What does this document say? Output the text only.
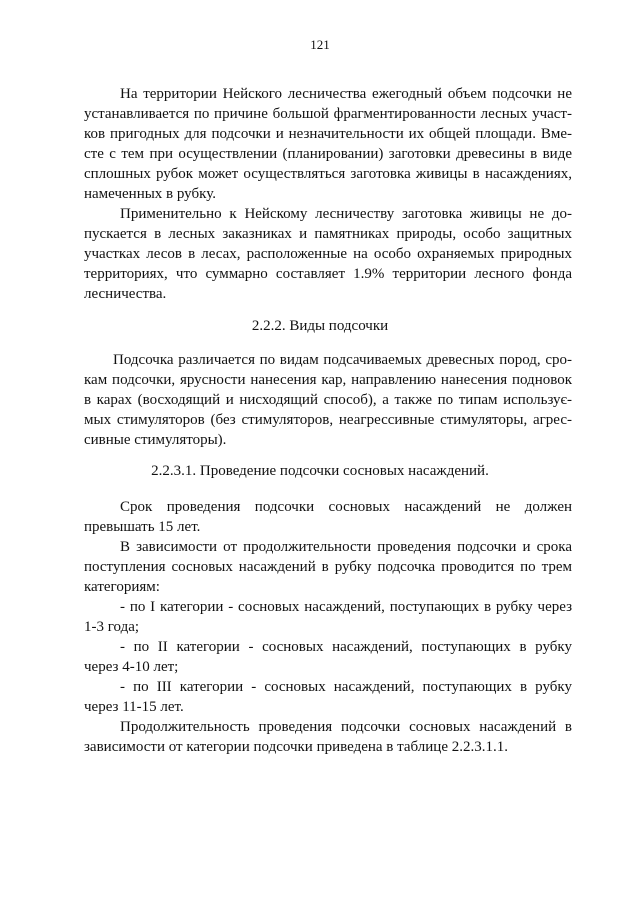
121
На территории Нейского лесничества ежегодный объем подсочки не
устанавливается по причине большой фрагментированности лесных участ-
ков пригодных для подсочки и незначительности их общей площади. Вме-
сте с тем при осуществлении (планировании) заготовки древесины в виде
сплошных рубок может осуществляться заготовка живицы в насаждениях,
намеченных в рубку.
Применительно к Нейскому лесничеству заготовка живицы не до-
пускается в лесных заказниках и памятниках природы, особо защитных
участках лесов в лесах, расположенные на особо охраняемых природных
территориях, что суммарно составляет 1.9% территории лесного фонда
лесничества.
2.2.2. Виды подсочки
Подсочка различается по видам подсачиваемых древесных пород, сро-
кам подсочки, ярусности нанесения кар, направлению нанесения подновок
в карах (восходящий и нисходящий способ), а также по типам использує-
мых стимуляторов (без стимуляторов, неагрессивные стимуляторы, агрес-
сивные стимуляторы).
2.2.3.1. Проведение подсочки сосновых насаждений.
Срок проведения подсочки сосновых насаждений не должен
превышать 15 лет.
В зависимости от продолжительности проведения подсочки и срока
поступления сосновых насаждений в рубку подсочка проводится по трем
категориям:
- по I категории - сосновых насаждений, поступающих в рубку через
1-3 года;
- по II категории - сосновых насаждений, поступающих в рубку
через 4-10 лет;
- по III категории - сосновых насаждений, поступающих в рубку
через 11-15 лет.
Продолжительность проведения подсочки сосновых насаждений в
зависимости от категории подсочки приведена в таблице 2.2.3.1.1.
